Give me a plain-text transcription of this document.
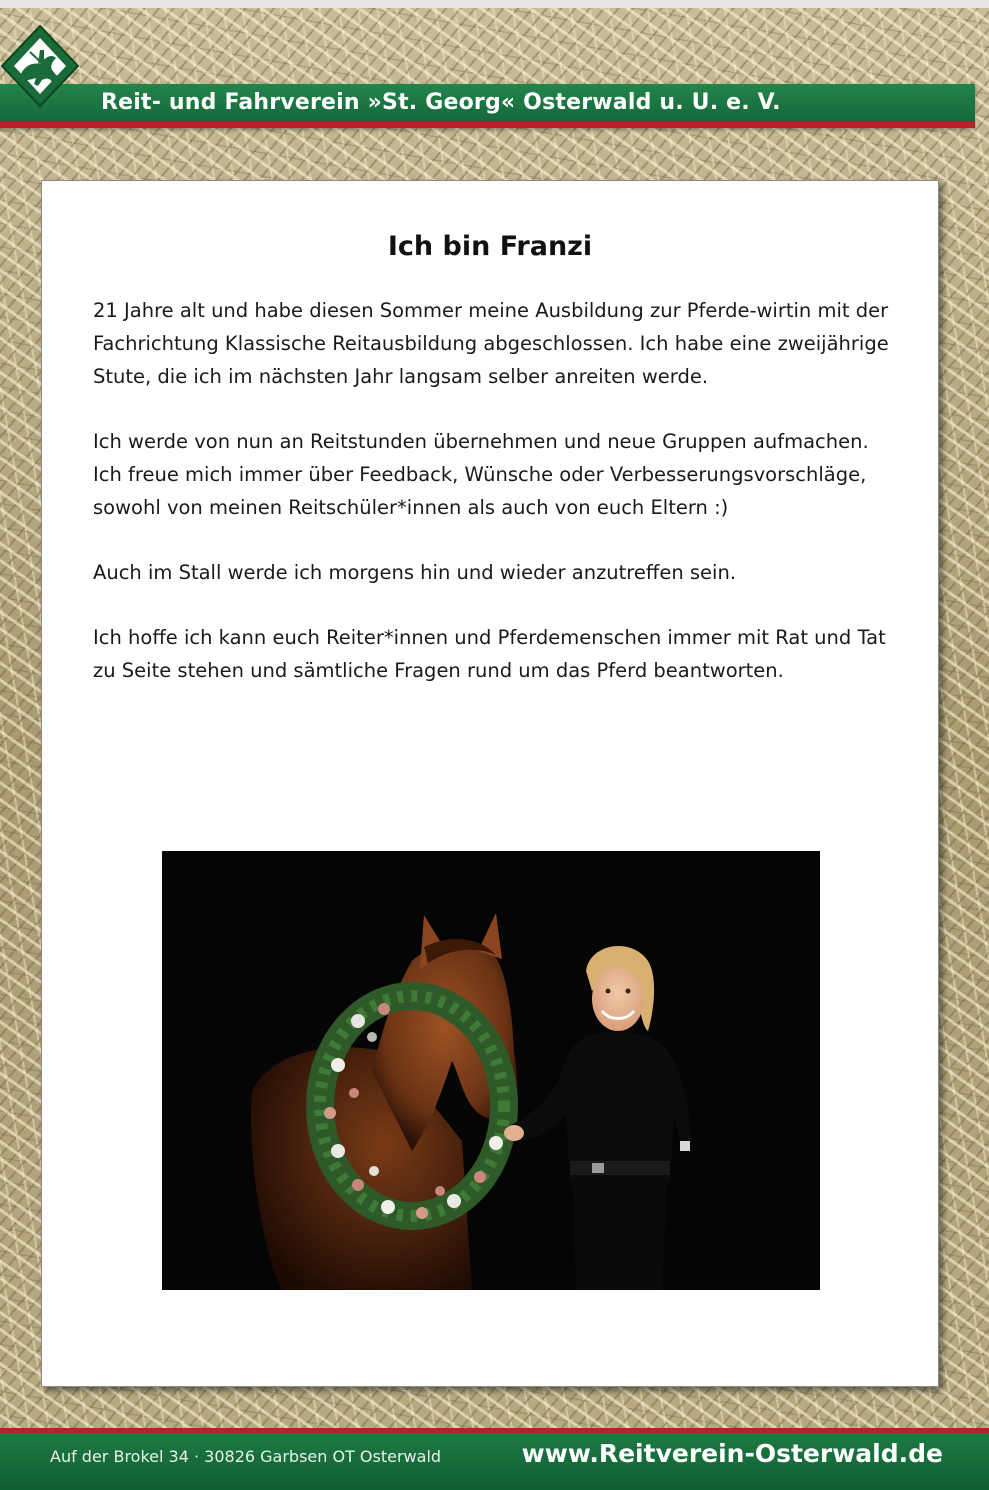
Reit- und Fahrverein »St. Georg« Osterwald u. U. e. V.
Ich bin Franzi

21 Jahre alt und habe diesen Sommer meine Ausbildung zur Pferde-wirtin mit der Fachrichtung Klassische Reitausbildung abgeschlossen. Ich habe eine zweijährige Stute, die ich im nächsten Jahr langsam selber anreiten werde.

Ich werde von nun an Reitstunden übernehmen und neue Gruppen aufmachen. Ich freue mich immer über Feedback, Wünsche oder Verbesserungsvorschläge, sowohl von meinen Reitschüler*innen als auch von euch Eltern :)

Auch im Stall werde ich morgens hin und wieder anzutreffen sein.

Ich hoffe ich kann euch Reiter*innen und Pferdemenschen immer mit Rat und Tat zu Seite stehen und sämtliche Fragen rund um das Pferd beantworten.

Auf der Brokel 34 · 30826 Garbsen OT Osterwald	www.Reitverein-Osterwald.de
